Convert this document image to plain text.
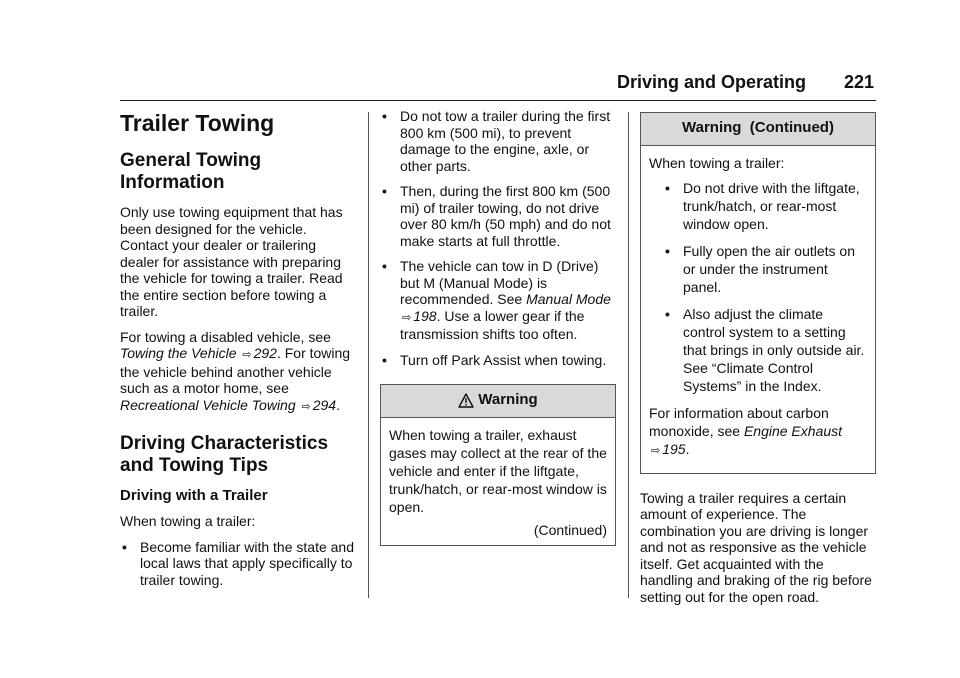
Driving and Operating 221
Trailer Towing
General Towing Information

Only use towing equipment that has been designed for the vehicle. Contact your dealer or trailering dealer for assistance with preparing the vehicle for towing a trailer. Read the entire section before towing a trailer.

For towing a disabled vehicle, see Towing the Vehicle ⇨ 292. For towing the vehicle behind another vehicle such as a motor home, see Recreational Vehicle Towing ⇨ 294.

Driving Characteristics and Towing Tips
Driving with a Trailer

When towing a trailer:

• Become familiar with the state and local laws that apply specifically to trailer towing.
• Do not tow a trailer during the first 800 km (500 mi), to prevent damage to the engine, axle, or other parts.
• Then, during the first 800 km (500 mi) of trailer towing, do not drive over 80 km/h (50 mph) and do not make starts at full throttle.
• The vehicle can tow in D (Drive) but M (Manual Mode) is recommended. See Manual Mode ⇨ 198. Use a lower gear if the transmission shifts too often.
• Turn off Park Assist when towing.
Warning

When towing a trailer, exhaust gases may collect at the rear of the vehicle and enter if the liftgate, trunk/hatch, or rear-most window is open.

(Continued)
Warning  (Continued)

When towing a trailer:

• Do not drive with the liftgate, trunk/hatch, or rear-most window open.
• Fully open the air outlets on or under the instrument panel.
• Also adjust the climate control system to a setting that brings in only outside air. See “Climate Control Systems” in the Index.

For information about carbon monoxide, see Engine Exhaust ⇨ 195.

Towing a trailer requires a certain amount of experience. The combination you are driving is longer and not as responsive as the vehicle itself. Get acquainted with the handling and braking of the rig before setting out for the open road.
